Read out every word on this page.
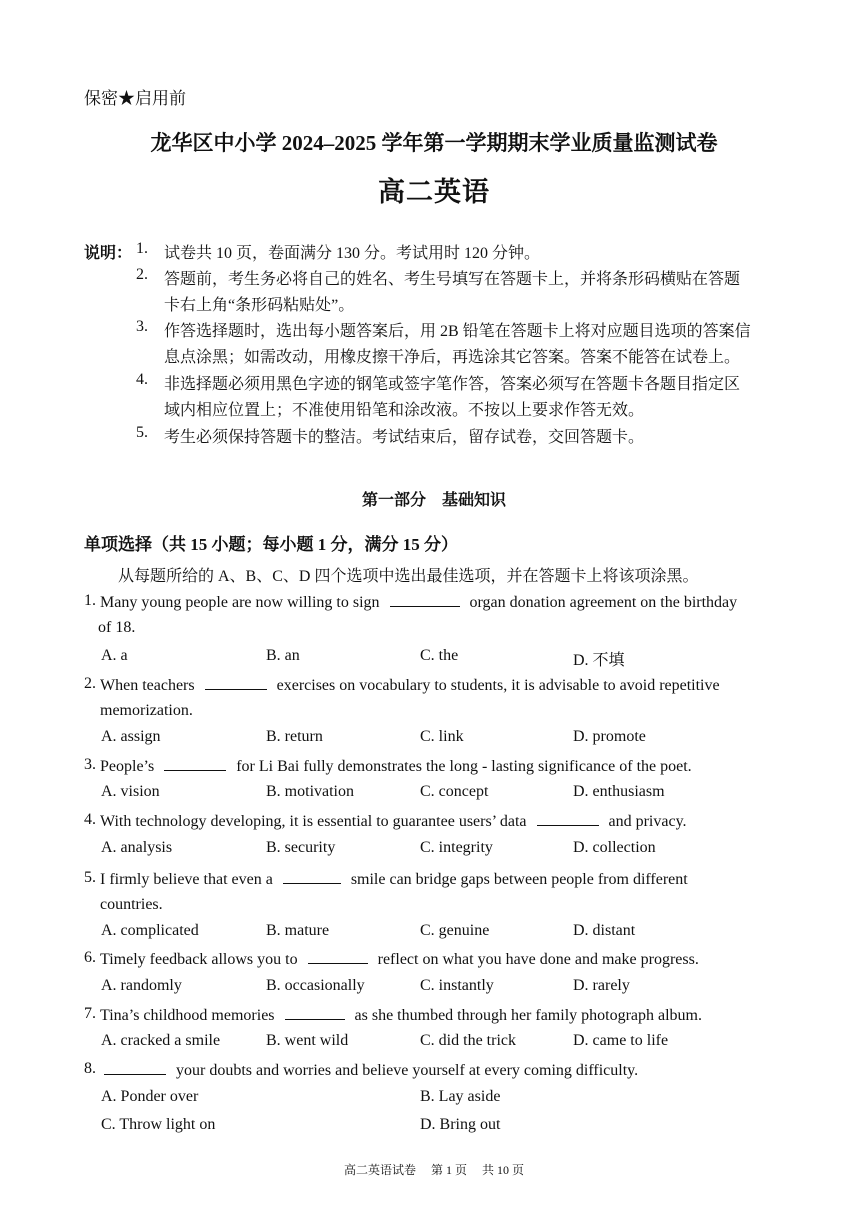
保密★启用前
龙华区中小学 2024–2025 学年第一学期期末学业质量监测试卷
高二英语
说明： 1. 试卷共 10 页，卷面满分 130 分。考试用时 120 分钟。
2. 答题前，考生务必将自己的姓名、考生号填写在答题卡上，并将条形码横贴在答题
卡右上角“条形码粘贴处”。
3. 作答选择题时，选出每小题答案后，用 2B 铅笔在答题卡上将对应题目选项的答案信
息点涂黑；如需改动，用橡皮擦干净后，再选涂其它答案。答案不能答在试卷上。
4. 非选择题必须用黑色字迹的钢笔或签字笔作答，答案必须写在答题卡各题目指定区
域内相应位置上；不准使用铅笔和涂改液。不按以上要求作答无效。
5. 考生必须保持答题卡的整洁。考试结束后，留存试卷，交回答题卡。
第一部分　基础知识
单项选择（共 15 小题；每小题 1 分，满分 15 分）
从每题所给的 A、B、C、D 四个选项中选出最佳选项，并在答题卡上将该项涂黑。
1. Many young people are now willing to sign	organ donation agreement on the birthday
of 18.
A. a	B. an	C. the	D. 不填
2. When teachers	exercises on vocabulary to students, it is advisable to avoid repetitive
memorization.
A. assign	B. return	C. link	D. promote
3. People’s	for Li Bai fully demonstrates the long - lasting significance of the poet.
A. vision	B. motivation	C. concept	D. enthusiasm
4. With technology developing, it is essential to guarantee users’ data	and privacy.
A. analysis	B. security	C. integrity	D. collection
5. I firmly believe that even a	smile can bridge gaps between people from different
countries.
A. complicated	B. mature	C. genuine	D. distant
6. Timely feedback allows you to	reflect on what you have done and make progress.
A. randomly	B. occasionally	C. instantly	D. rarely
7. Tina’s childhood memories	as she thumbed through her family photograph album.
A. cracked a smile	B. went wild	C. did the trick	D. came to life
8.	your doubts and worries and believe yourself at every coming difficulty.
A. Ponder over	B. Lay aside
C. Throw light on	D. Bring out
高二英语试卷 第 1 页 共 10 页
